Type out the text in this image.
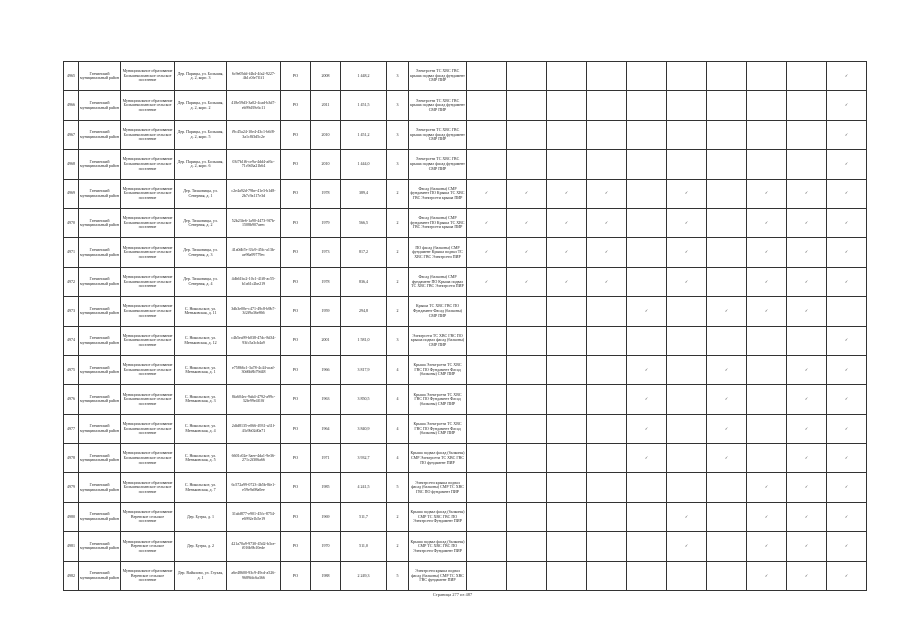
4965	Гатчинский муниципальный район	Муниципальное образование Большеколпанское сельское поселение	Дер. Парицы, ул. Большая, д. 2, корп. 3	6c9e05dd-f4b4-4fa2-9227-4b1c0fe7f1f1	РО	2008	1 448,2	3	Электрсети ТС ХВС ГВС крыша подвал фасад фундамент СМР ПИР										✓

4966	Гатчинский муниципальный район	Муниципальное образование Большеколпанское сельское поселение	Дер. Парицы, ул. Большая, д. 2, корп. 2	418e59d3-3a02-4cad-b3d7-eb99d39c6c11	РО	2011	1 451,5	3	Электрсети ТС ХВС ГВС крыша подвал фасад фундамент СМР ПИР										✓

4967	Гатчинский муниципальный район	Муниципальное образование Большеколпанское сельское поселение	Дер. Парицы, ул. Большая, д. 2, корп. 5	f9c45a24-10e4-43c1-b6f8-3a1c8f3d5c2e	РО	2010	1 451,2	3	Электрсети ТС ХВС ГВС крыша подвал фасад фундамент СМР ПИР										✓

4968	Гатчинский муниципальный район	Муниципальное образование Большеколпанское сельское поселение	Дер. Парицы, ул. Большая, д. 2, корп. 6	03f7b1f6-ce9a-4dd4-af6c-71c9d3a21b64	РО	2010	1 444,0	3	Электрсети ТС ХВС ГВС крыша подвал фасад фундамент СМР ПИР										✓

4969	Гатчинский муниципальный район	Муниципальное образование Большеколпанское сельское поселение	Дер. Тихковицы, ул. Северная, д. 1	c2e4a92d-79be-41e3-b1d8-2b7c9a117e3d	РО	1978	389,4	2	Фасад (балконы) СМР фундамент ПО Крыша ТС ХВС ГВС Электрсети крыша ПИР	✓	✓	✓	✓		✓		✓	✓	✓

4970	Гатчинский муниципальный район	Муниципальное образование Большеколпанское сельское поселение	Дер. Тихковицы, ул. Северная, д. 2	52b23fe6-1a90-4473-9f7b-1508b907aeec	РО	1979	566,5	2	Фасад (балконы) СМР фундамент ПО Крыша ТС ХВС ГВС Электрсети крыша ПИР	✓	✓	✓	✓		✓		✓	✓	✓

4971	Гатчинский муниципальный район	Муниципальное образование Большеколпанское сельское поселение	Дер. Тихковицы, ул. Северная, д. 3	41a0db7e-33c9-45fc-a13b-ae96a99779ec	РО	1973	817,2	2	ПО фасад (балконы) СМР фундамент Крыша подвал ТС ХВС ГВС Электрсети ПИР	✓	✓	✓	✓		✓		✓	✓	✓

4972	Гатчинский муниципальный район	Муниципальное образование Большеколпанское сельское поселение	Дер. Тихковицы, ул. Северная, д. 4	4db61bc2-10c1-41f0-ac55-b1a61c2be219	РО	1978	836,4	2	Фасад (балконы) СМР фундамент ПО Крыша подвал ТС ХВС ГВС Электрсети ПИР	✓	✓	✓	✓		✓		✓	✓	✓

4973	Гатчинский муниципальный район	Муниципальное образование Большеколпанское сельское поселение	С. Никольское, ул. Меньковская, д. 11	3db3e00e-c471-49c8-b9b7-3f2f9a36e866	РО	1959	294,8	2	Крыша ТС ХВС ГВС ПО Фундамент Фасад (балконы) СМР ПИР					✓		✓	✓	✓	

4974	Гатчинский муниципальный район	Муниципальное образование Большеколпанское сельское поселение	С. Никольское, ул. Меньковская, д. 12	c4b5ea99-b038-47dc-8d34-93fc5a3cb4a9	РО	2001	1 581,0	3	Электрсети ТС ХВС ГВС ПО крыша подвал фасад (балконы) СМР ПИР										✓

4975	Гатчинский муниципальный район	Муниципальное образование Большеколпанское сельское поселение	С. Никольское, ул. Меньковская, д. 1	e75866c1-3a78-4c44-acaf-30d6b8b79d48	РО	1966	3 817,9	4	Крыша Электрсети ТС ХВС ГВС ПО Фундамент Фасад (балконы) СМР ПИР					✓		✓		✓	✓

4976	Гатчинский муниципальный район	Муниципальное образование Большеколпанское сельское поселение	С. Никольское, ул. Меньковская, д. 3	8fa604ec-9ab4-4792-a99c-32fe99e4f10f	РО	1963	3 850,5	4	Крыша Электрсети ТС ХВС ГВС ПО Фундамент Фасад (балконы) СМР ПИР					✓		✓		✓	✓

4977	Гатчинский муниципальный район	Муниципальное образование Большеколпанское сельское поселение	С. Никольское, ул. Меньковская, д. 4	2dfd8135-e066-4931-a31f-43c9b02d0a71	РО	1964	3 840,9	4	Крыша Электрсети ТС ХВС ГВС ПО Фундамент Фасад (балконы) СМР ПИР					✓		✓		✓	✓

4978	Гатчинский муниципальный район	Муниципальное образование Большеколпанское сельское поселение	С. Никольское, ул. Меньковская, д. 5	6601c02e-3aee-4da1-9e36-271c2f306a66	РО	1971	3 932,7	4	Крыша подвал фасад (балконы) СМР Электрсети ТС ХВС ГВС ПО фундамент ПИР					✓		✓		✓	✓

4979	Гатчинский муниципальный район	Муниципальное образование Большеколпанское сельское поселение	С. Никольское, ул. Меньковская, д. 7	6c572a99-0723-4b5b-8fe1-e59e9a98a0ee	РО	1985	4 241,5	5	Электрсети крыша подвал фасад (балконы) СМР ТС ХВС ГВС ПО фундамент ПИР								✓	✓	✓

4980	Гатчинский муниципальный район	Муниципальное образование Веревское сельское поселение	Дер. Бугры, д. 1	31abf877-e901-45fc-8754-e6992e1b5e19	РО	1969	511,7	2	Крыша подвал фасад (балконы) СМР ТС ХВС ГВС ПО Электрсети Фундамент ПИР						✓		✓	✓	✓

4981	Гатчинский муниципальный район	Муниципальное образование Веревское сельское поселение	Дер. Бугры, д. 2	421a70a9-9730-45d2-b3ce-f016b9b10ede	РО	1970	511,0	2	Крыша подвал фасад (балконы) СМР ТС ХВС ГВС ПО Электрсети Фундамент ПИР						✓		✓	✓	✓

4982	Гатчинский муниципальный район	Муниципальное образование Веревское сельское поселение	Дер. Вайялово, ул. Глухая, д. 1	a6e48600-93c9-49cd-a526-9689fdc6a366	РО	1988	2 249,3	5	Электрсети крыша подвал фасад (балконы) СМР ТС ХВС ГВС фундамент ПИР								✓	✓	✓
Страница 277 из 487
